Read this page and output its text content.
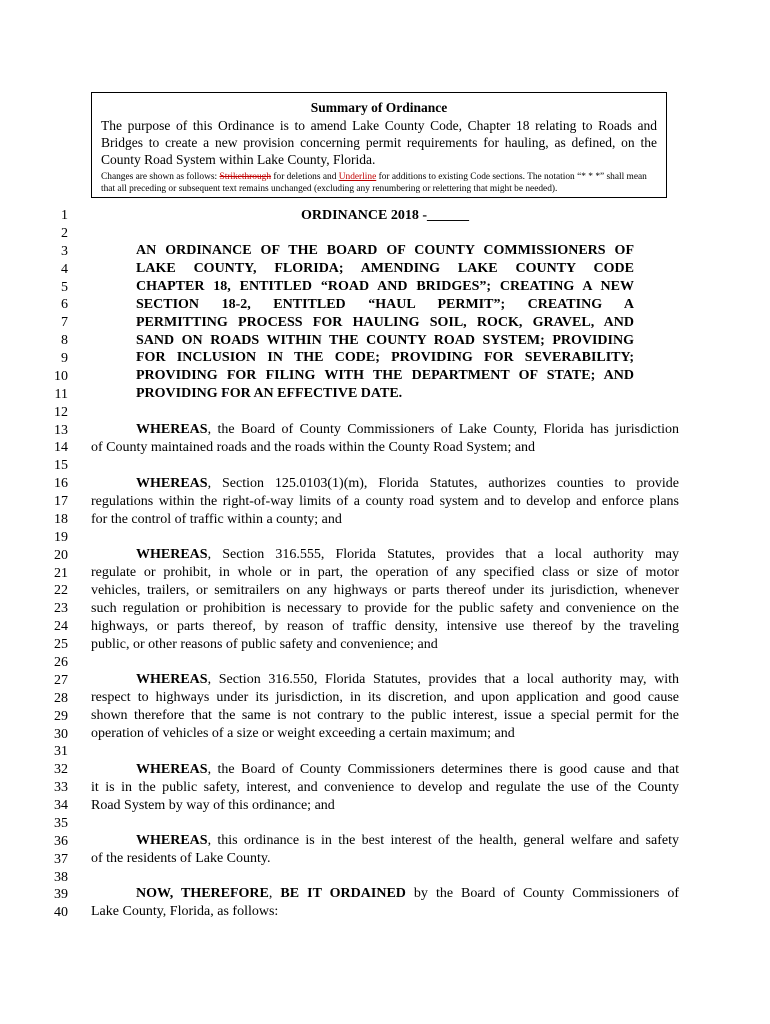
Summary of Ordinance
The purpose of this Ordinance is to amend Lake County Code, Chapter 18 relating to Roads and Bridges to create a new provision concerning permit requirements for hauling, as defined, on the County Road System within Lake County, Florida.
Changes are shown as follows: Strikethrough for deletions and Underline for additions to existing Code sections. The notation “* * *” shall mean that all preceding or subsequent text remains unchanged (excluding any renumbering or relettering that might be needed).
1
2
3
4
5
6
7
8
9
10
11
12
13
14
15
16
17
18
19
20
21
22
23
24
25
26
27
28
29
30
31
32
33
34
35
36
37
38
39
40
ORDINANCE 2018 -______
AN ORDINANCE OF THE BOARD OF COUNTY COMMISSIONERS OF
LAKE COUNTY, FLORIDA; AMENDING LAKE COUNTY CODE
CHAPTER 18, ENTITLED “ROAD AND BRIDGES”; CREATING A NEW
SECTION 18-2, ENTITLED “HAUL PERMIT”; CREATING A
PERMITTING PROCESS FOR HAULING SOIL, ROCK, GRAVEL, AND
SAND ON ROADS WITHIN THE COUNTY ROAD SYSTEM; PROVIDING
FOR INCLUSION IN THE CODE; PROVIDING FOR SEVERABILITY;
PROVIDING FOR FILING WITH THE DEPARTMENT OF STATE; AND
PROVIDING FOR AN EFFECTIVE DATE.
WHEREAS, the Board of County Commissioners of Lake County, Florida has jurisdiction
of County maintained roads and the roads within the County Road System; and
WHEREAS, Section 125.0103(1)(m), Florida Statutes, authorizes counties to provide
regulations within the right-of-way limits of a county road system and to develop and enforce plans
for the control of traffic within a county; and
WHEREAS, Section 316.555, Florida Statutes, provides that a local authority may
regulate or prohibit, in whole or in part, the operation of any specified class or size of motor
vehicles, trailers, or semitrailers on any highways or parts thereof under its jurisdiction, whenever
such regulation or prohibition is necessary to provide for the public safety and convenience on the
highways, or parts thereof, by reason of traffic density, intensive use thereof by the traveling
public, or other reasons of public safety and convenience; and
WHEREAS, Section 316.550, Florida Statutes, provides that a local authority may, with
respect to highways under its jurisdiction, in its discretion, and upon application and good cause
shown therefore that the same is not contrary to the public interest, issue a special permit for the
operation of vehicles of a size or weight exceeding a certain maximum; and
WHEREAS, the Board of County Commissioners determines there is good cause and that
it is in the public safety, interest, and convenience to develop and regulate the use of the County
Road System by way of this ordinance; and
WHEREAS, this ordinance is in the best interest of the health, general welfare and safety
of the residents of Lake County.
NOW, THEREFORE, BE IT ORDAINED by the Board of County Commissioners of
Lake County, Florida, as follows:
